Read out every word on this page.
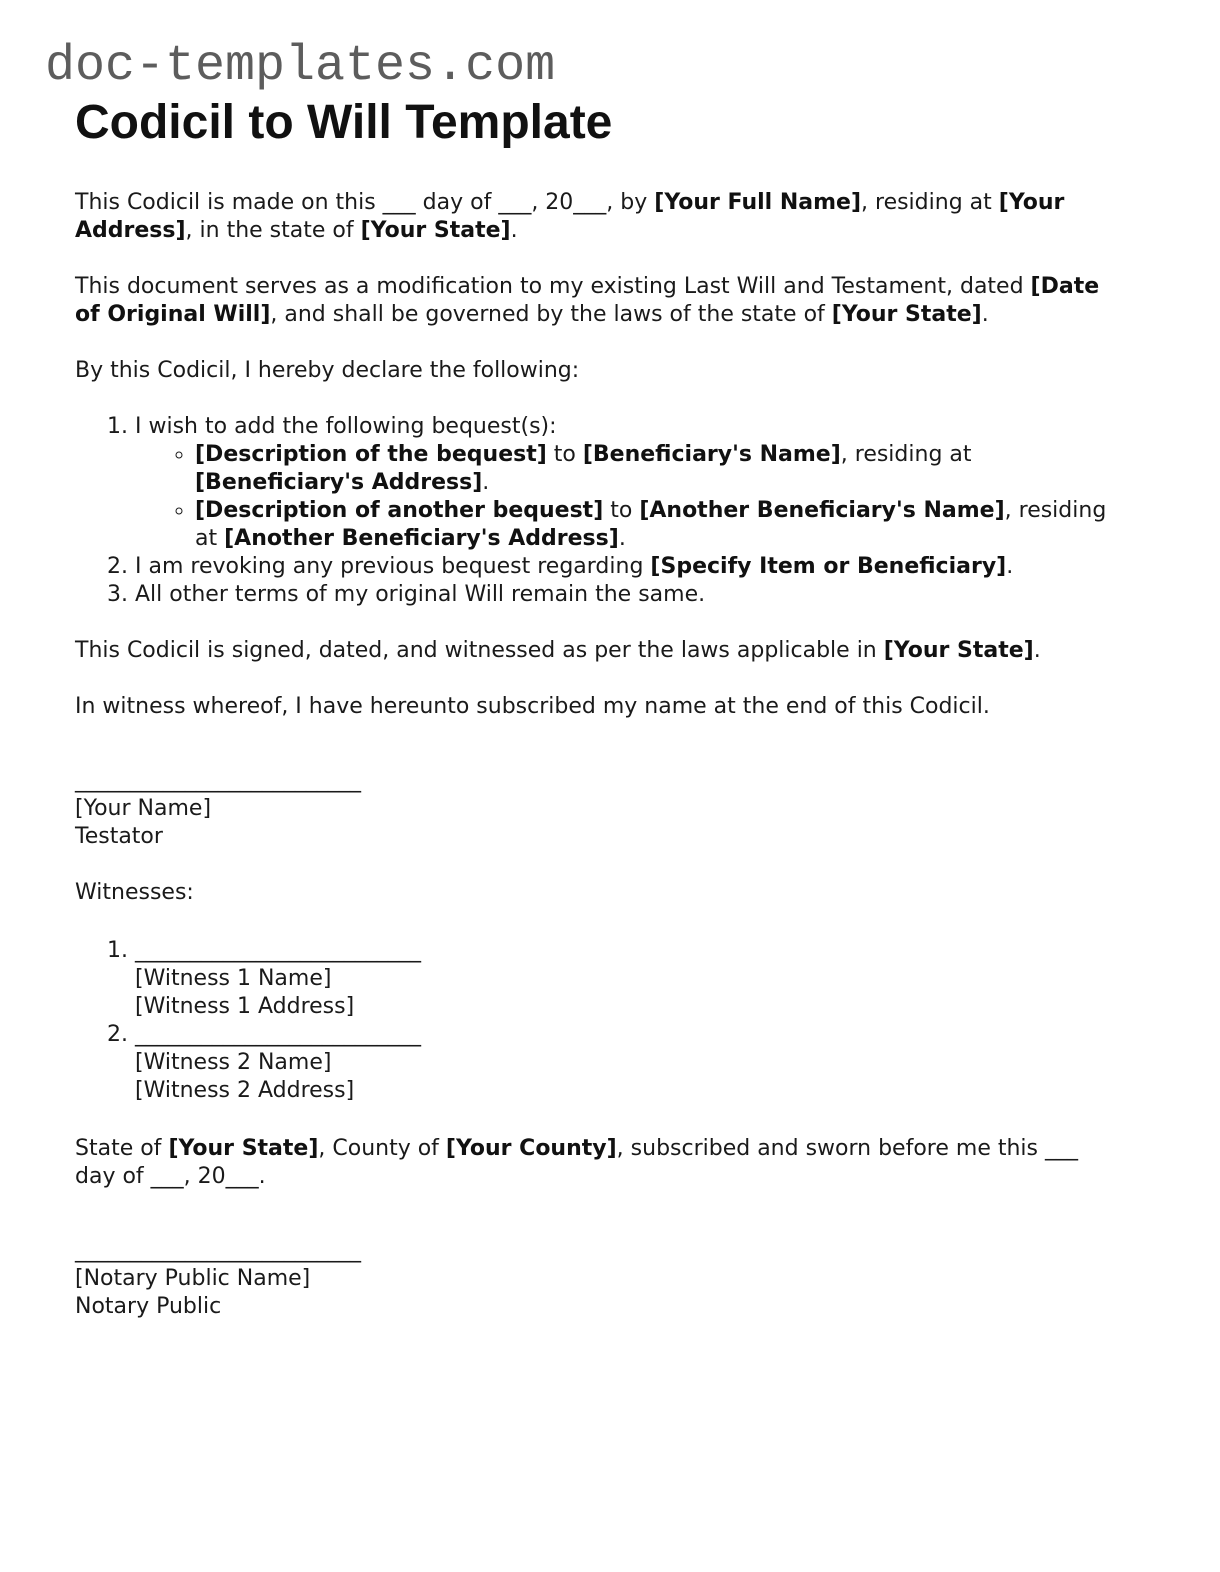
doc-templates.com
Codicil to Will Template

This Codicil is made on this ___ day of ___, 20___, by [Your Full Name], residing at [Your Address], in the state of [Your State].

This document serves as a modification to my existing Last Will and Testament, dated [Date of Original Will], and shall be governed by the laws of the state of [Your State].

By this Codicil, I hereby declare the following:

1. I wish to add the following bequest(s):
◦ [Description of the bequest] to [Beneficiary's Name], residing at [Beneficiary's Address].
◦ [Description of another bequest] to [Another Beneficiary's Name], residing at [Another Beneficiary's Address].
2. I am revoking any previous bequest regarding [Specify Item or Beneficiary].
3. All other terms of my original Will remain the same.

This Codicil is signed, dated, and witnessed as per the laws applicable in [Your State].

In witness whereof, I have hereunto subscribed my name at the end of this Codicil.

__________________________
[Your Name]
Testator

Witnesses:

1. __________________________
[Witness 1 Name]
[Witness 1 Address]
2. __________________________
[Witness 2 Name]
[Witness 2 Address]

State of [Your State], County of [Your County], subscribed and sworn before me this ___ day of ___, 20___.

__________________________
[Notary Public Name]
Notary Public
